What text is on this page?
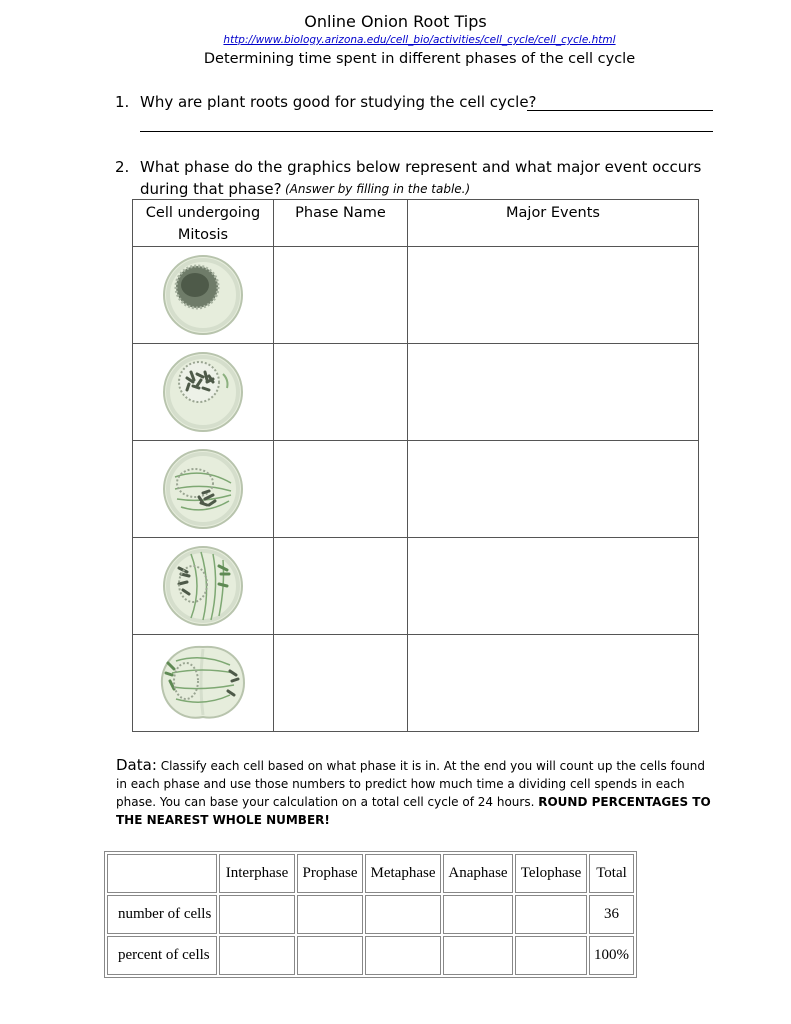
Online Onion Root Tips
http://www.biology.arizona.edu/cell_bio/activities/cell_cycle/cell_cycle.html
Determining time spent in different phases of the cell cycle
1. Why are plant roots good for studying the cell cycle?
2. What phase do the graphics below represent and what major event occurs
during that phase? (Answer by filling in the table.)
Cell undergoing
Mitosis	Phase Name	Major Events

Data: Classify each cell based on what phase it is in. At the end you will count up the cells found in each phase and use those numbers to predict how much time a dividing cell spends in each phase. You can base your calculation on a total cell cycle of 24 hours. ROUND PERCENTAGES TO THE NEAREST WHOLE NUMBER!
	Interphase	Prophase	Metaphase	Anaphase	Telophase	Total
number of cells						36
percent of cells						100%
